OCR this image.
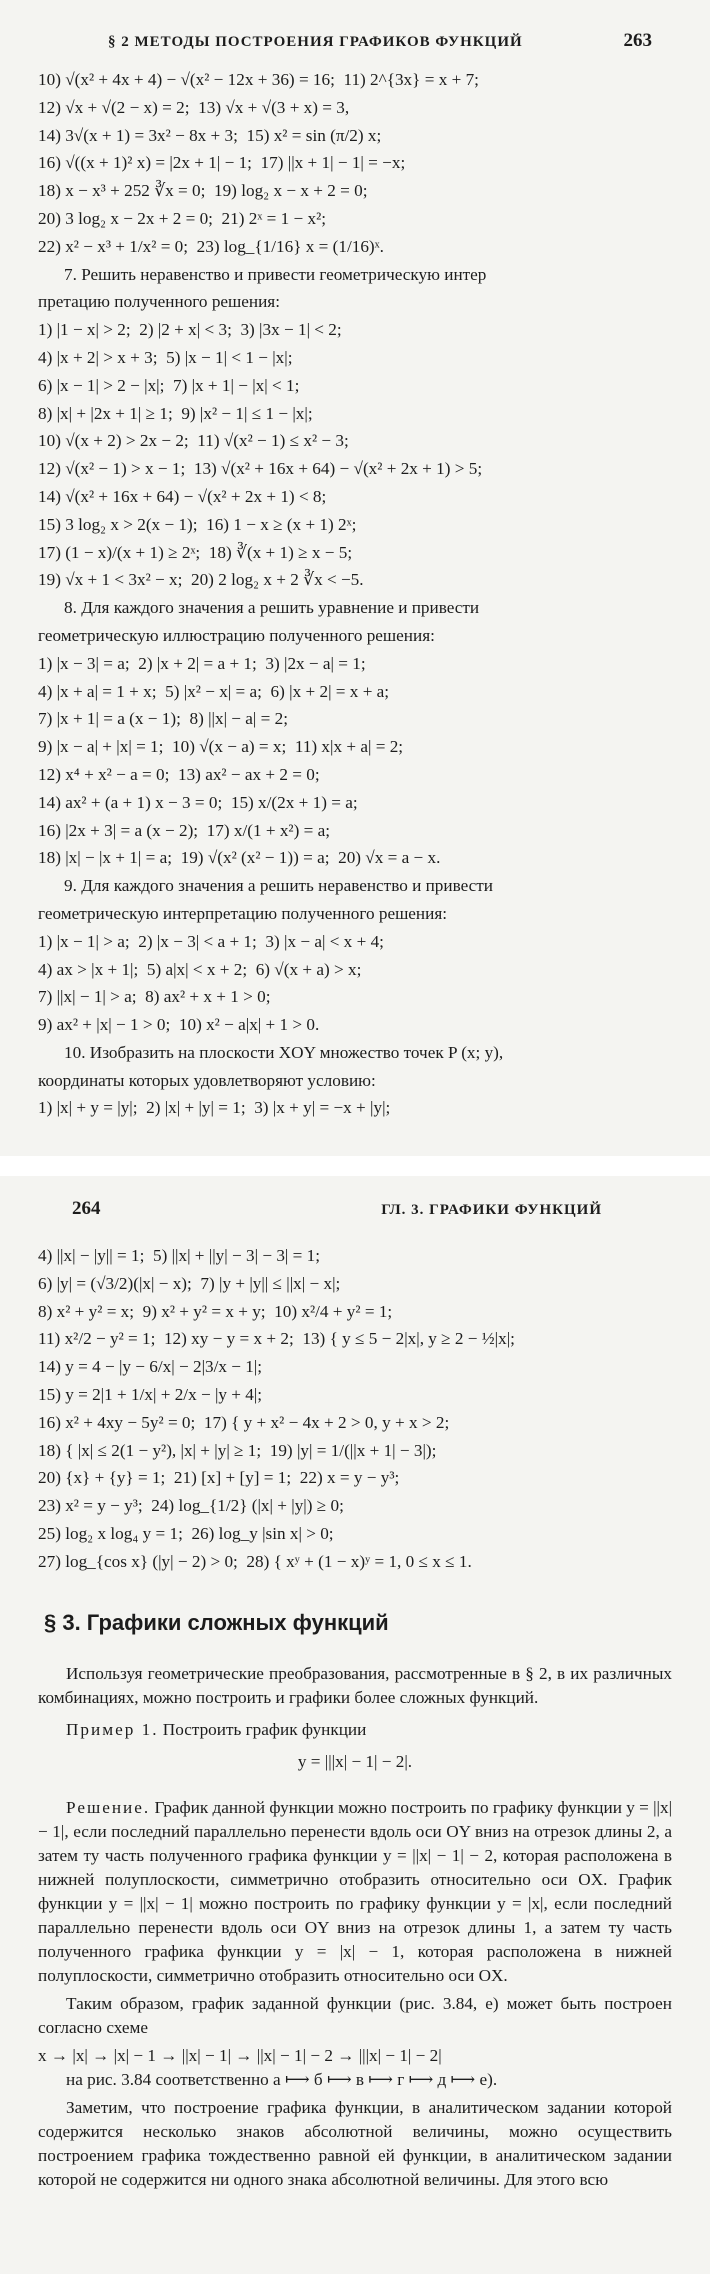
§ 2 МЕТОДЫ ПОСТРОЕНИЯ ГРАФИКОВ ФУНКЦИЙ	263
10) √(x² + 4x + 4) − √(x² − 12x + 36) = 16;  11) 2^{3x} = x + 7;
12) √x + √(2 − x) = 2;  13) √x + √(3 + x) = 3,
14) 3√(x + 1) = 3x² − 8x + 3;  15) x² = sin (π/2) x;
16) √((x + 1)² x) = |2x + 1| − 1;  17) ||x + 1| − 1| = −x;
18) x − x³ + 252 ∛x = 0;  19) log₂ x − x + 2 = 0;
20) 3 log₂ x − 2x + 2 = 0;  21) 2ˣ = 1 − x²;
22) x² − x³ + 1/x² = 0;  23) log_{1/16} x = (1/16)ˣ.
7. Решить неравенство и привести геометрическую интер
претацию полученного решения:
1) |1 − x| > 2;  2) |2 + x| < 3;  3) |3x − 1| < 2;
4) |x + 2| > x + 3;  5) |x − 1| < 1 − |x|;
6) |x − 1| > 2 − |x|;  7) |x + 1| − |x| < 1;
8) |x| + |2x + 1| ≥ 1;  9) |x² − 1| ≤ 1 − |x|;
10) √(x + 2) > 2x − 2;  11) √(x² − 1) ≤ x² − 3;
12) √(x² − 1) > x − 1;  13) √(x² + 16x + 64) − √(x² + 2x + 1) > 5;
14) √(x² + 16x + 64) − √(x² + 2x + 1) < 8;
15) 3 log₂ x > 2(x − 1);  16) 1 − x ≥ (x + 1) 2ˣ;
17) (1 − x)/(x + 1) ≥ 2ˣ;  18) ∛(x + 1) ≥ x − 5;
19) √x + 1 < 3x² − x;  20) 2 log₂ x + 2 ∛x < −5.
8. Для каждого значения a решить уравнение и привести
геометрическую иллюстрацию полученного решения:
1) |x − 3| = a;  2) |x + 2| = a + 1;  3) |2x − a| = 1;
4) |x + a| = 1 + x;  5) |x² − x| = a;  6) |x + 2| = x + a;
7) |x + 1| = a (x − 1);  8) ||x| − a| = 2;
9) |x − a| + |x| = 1;  10) √(x − a) = x;  11) x|x + a| = 2;
12) x⁴ + x² − a = 0;  13) ax² − ax + 2 = 0;
14) ax² + (a + 1) x − 3 = 0;  15) x/(2x + 1) = a;
16) |2x + 3| = a (x − 2);  17) x/(1 + x²) = a;
18) |x| − |x + 1| = a;  19) √(x² (x² − 1)) = a;  20) √x = a − x.
9. Для каждого значения a решить неравенство и привести
геометрическую интерпретацию полученного решения:
1) |x − 1| > a;  2) |x − 3| < a + 1;  3) |x − a| < x + 4;
4) ax > |x + 1|;  5) a|x| < x + 2;  6) √(x + a) > x;
7) ||x| − 1| > a;  8) ax² + x + 1 > 0;
9) ax² + |x| − 1 > 0;  10) x² − a|x| + 1 > 0.
10. Изобразить на плоскости XOY множество точек P (x; y),
координаты которых удовлетворяют условию:
1) |x| + y = |y|;  2) |x| + |y| = 1;  3) |x + y| = −x + |y|;
264	ГЛ. 3. ГРАФИКИ ФУНКЦИЙ
4) ||x| − |y|| = 1;  5) ||x| + ||y| − 3| − 3| = 1;
6) |y| = (√3/2)(|x| − x);  7) |y + |y|| ≤ ||x| − x|;
8) x² + y² = x;  9) x² + y² = x + y;  10) x²/4 + y² = 1;
11) x²/2 − y² = 1;  12) xy − y = x + 2;  13) { y ≤ 5 − 2|x|, y ≥ 2 − ½|x|;
14) y = 4 − |y − 6/x| − 2|3/x − 1|;
15) y = 2|1 + 1/x| + 2/x − |y + 4|;
16) x² + 4xy − 5y² = 0;  17) { y + x² − 4x + 2 > 0, y + x > 2;
18) { |x| ≤ 2(1 − y²), |x| + |y| ≥ 1;  19) |y| = 1/(||x + 1| − 3|);
20) {x} + {y} = 1;  21) [x] + [y] = 1;  22) x = y − y³;
23) x² = y − y³;  24) log_{1/2} (|x| + |y|) ≥ 0;
25) log₂ x log₄ y = 1;  26) log_y |sin x| > 0;
27) log_{cos x} (|y| − 2) > 0;  28) { xʸ + (1 − x)ʸ = 1, 0 ≤ x ≤ 1.
§ 3. Графики сложных функций

Используя геометрические преобразования, рассмотренные в § 2, в их различных комбинациях, можно построить и графики более сложных функций.

Пример 1. Построить график функции

y = |||x| − 1| − 2|.

Решение. График данной функции можно построить по графику функции y = ||x| − 1|, если последний параллельно перенести вдоль оси OY вниз на отрезок длины 2, а затем ту часть полученного графика функции y = ||x| − 1| − 2, которая расположена в нижней полуплоскости, симметрично отобразить относительно оси OX. График функции y = ||x| − 1| можно построить по графику функции y = |x|, если последний параллельно перенести вдоль оси OY вниз на отрезок длины 1, а затем ту часть полученного графика функции y = |x| − 1, которая расположена в нижней полуплоскости, симметрично отобразить относительно оси OX.

Таким образом, график заданной функции (рис. 3.84, е) может быть построен согласно схеме

x → |x| → |x| − 1 → ||x| − 1| → ||x| − 1| − 2 → |||x| − 1| − 2|

на рис. 3.84 соответственно a ⟼ б ⟼ в ⟼ г ⟼ д ⟼ е).

Заметим, что построение графика функции, в аналитическом задании которой содержится несколько знаков абсолютной величины, можно осуществить построением графика тождественно равной ей функции, в аналитическом задании которой не содержится ни одного знака абсолютной величины. Для этого всю
